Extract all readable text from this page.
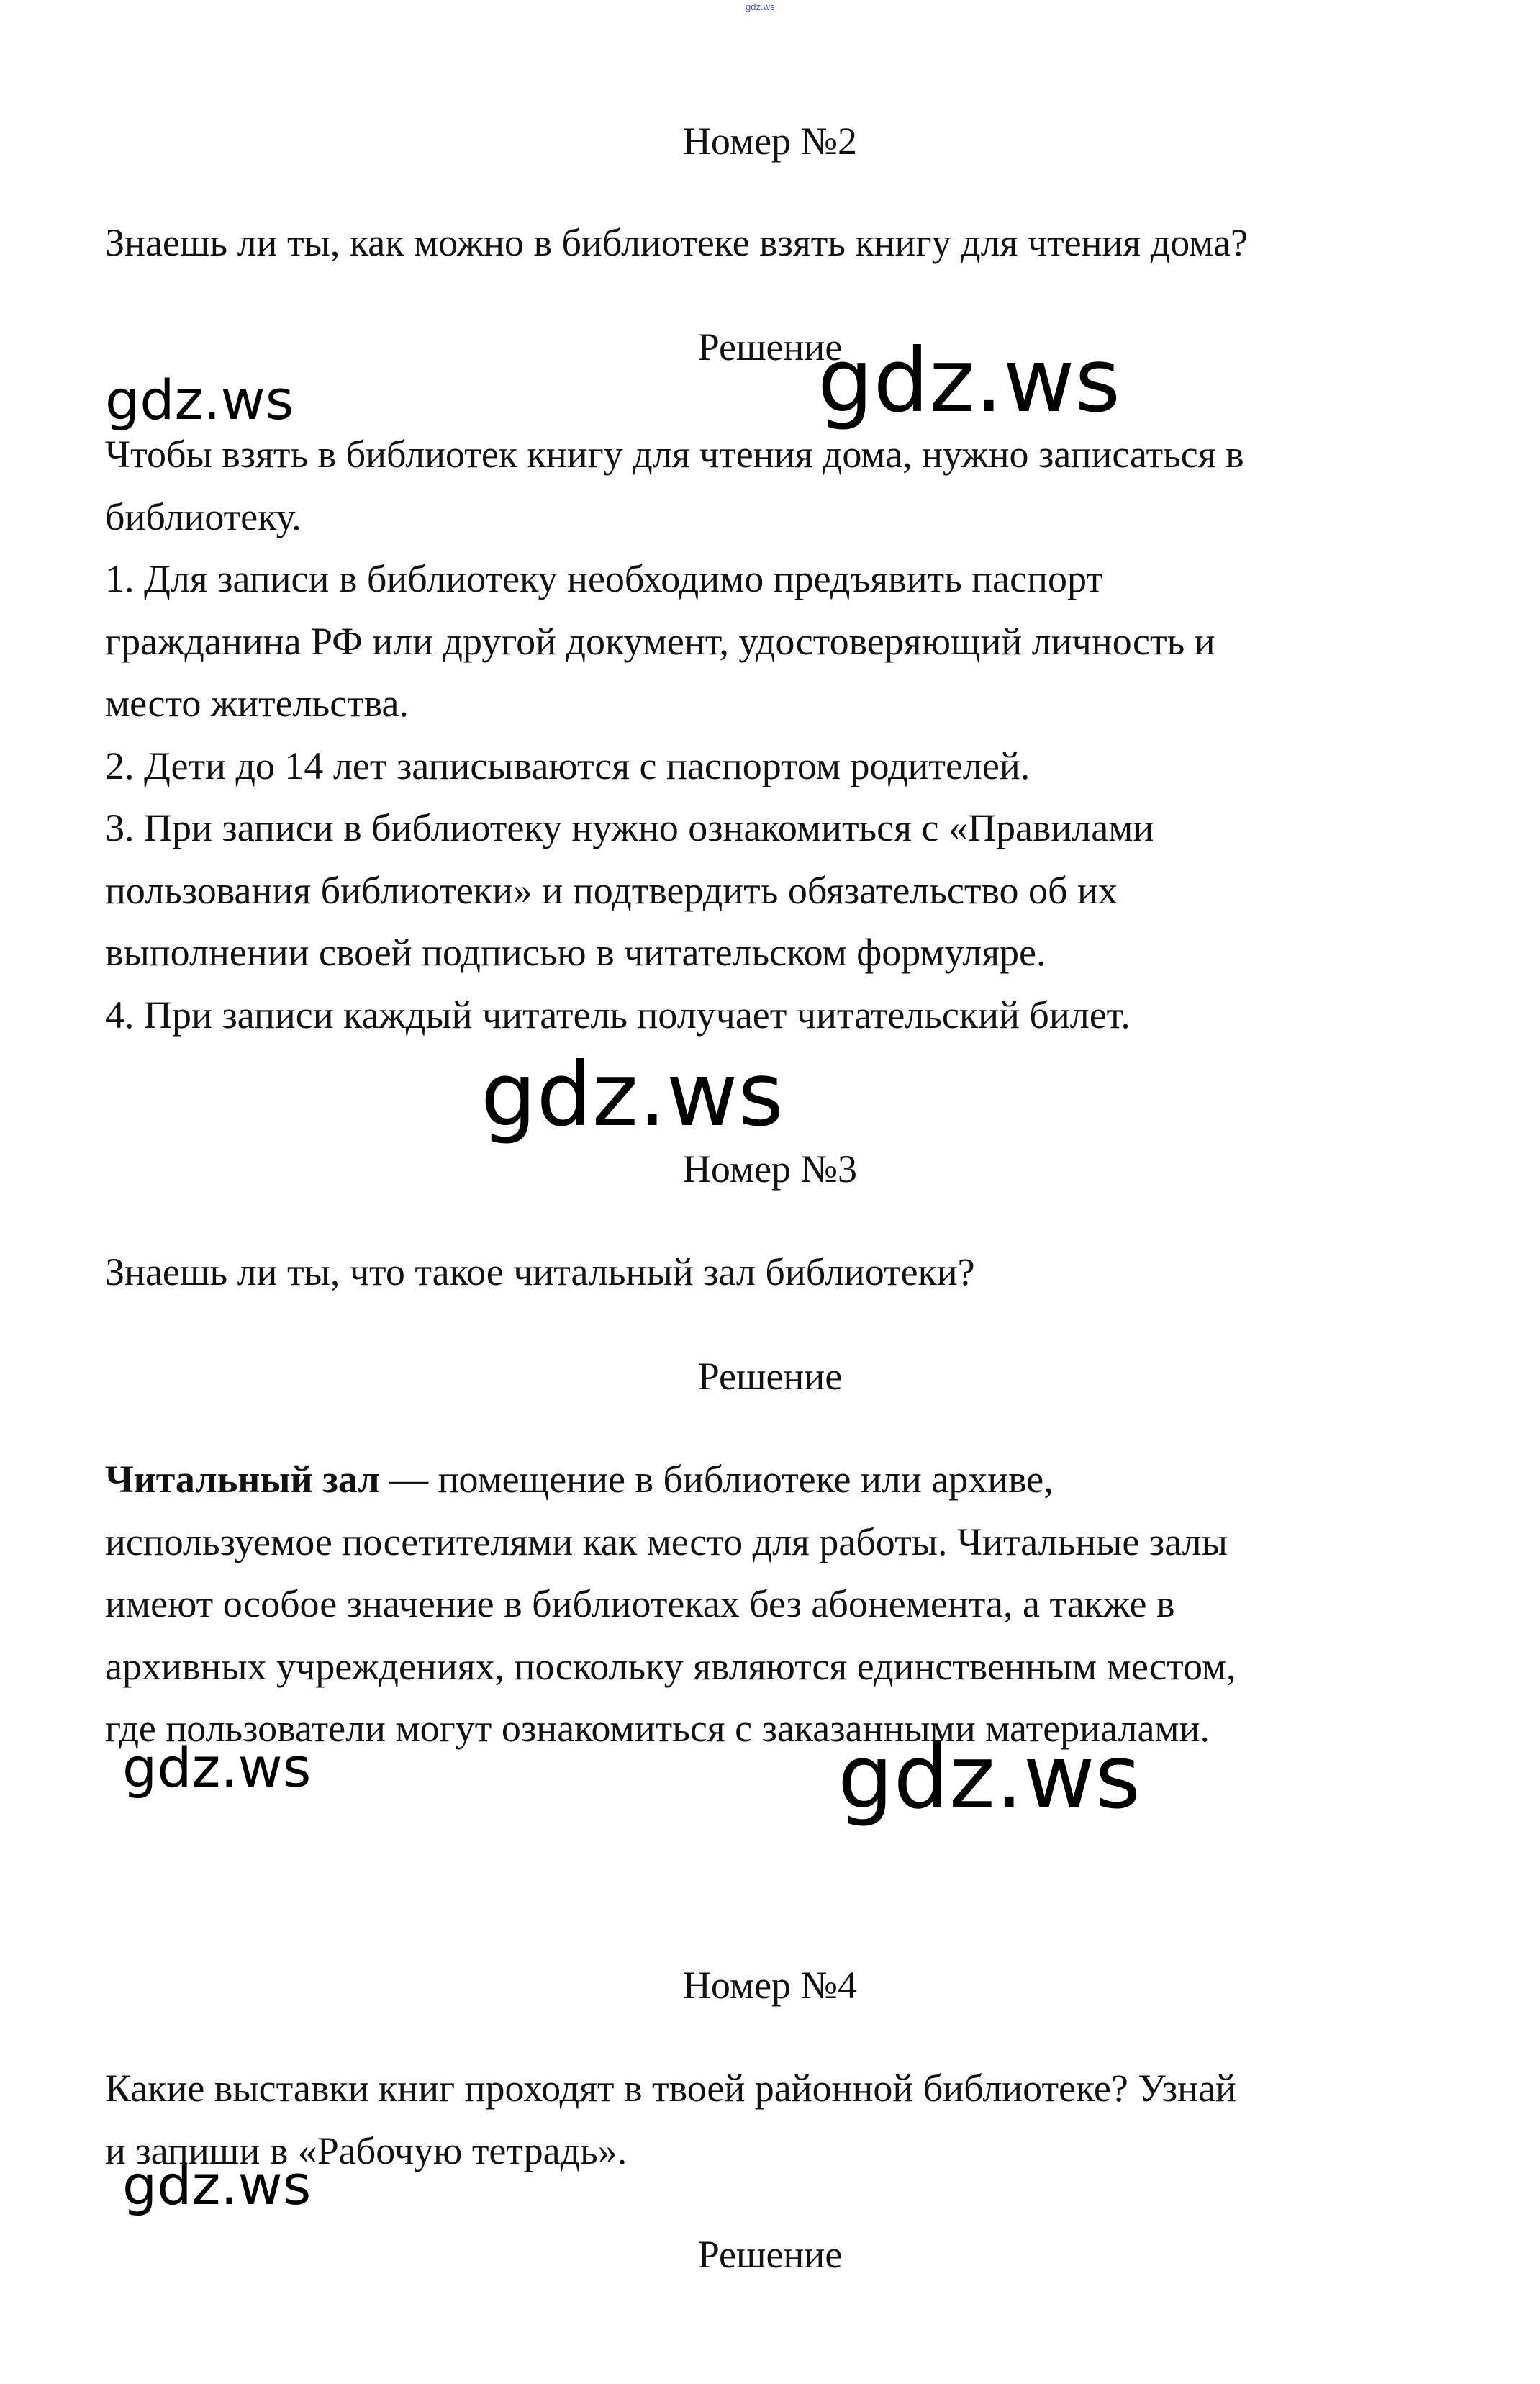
gdz.ws
Номер №2
Знаешь ли ты, как можно в библиотеке взять книгу для чтения дома?
Решение
Чтобы взять в библиотек книгу для чтения дома, нужно записаться в
библиотеку.
1. Для записи в библиотеку необходимо предъявить паспорт
гражданина РФ или другой документ, удостоверяющий личность и
место жительства.
2. Дети до 14 лет записываются с паспортом родителей.
3. При записи в библиотеку нужно ознакомиться с «Правилами
пользования библиотеки» и подтвердить обязательство об их
выполнении своей подписью в читательском формуляре.
4. При записи каждый читатель получает читательский билет.
Номер №3
Знаешь ли ты, что такое читальный зал библиотеки?
Решение
Читальный зал — помещение в библиотеке или архиве,
используемое посетителями как место для работы. Читальные залы
имеют особое значение в библиотеках без абонемента, а также в
архивных учреждениях, поскольку являются единственным местом,
где пользователи могут ознакомиться с заказанными материалами.
Номер №4
Какие выставки книг проходят в твоей районной библиотеке? Узнай
и запиши в «Рабочую тетрадь».
Решение
gdz.ws	gdz.ws
gdz.ws
gdz.ws	gdz.ws
gdz.ws
